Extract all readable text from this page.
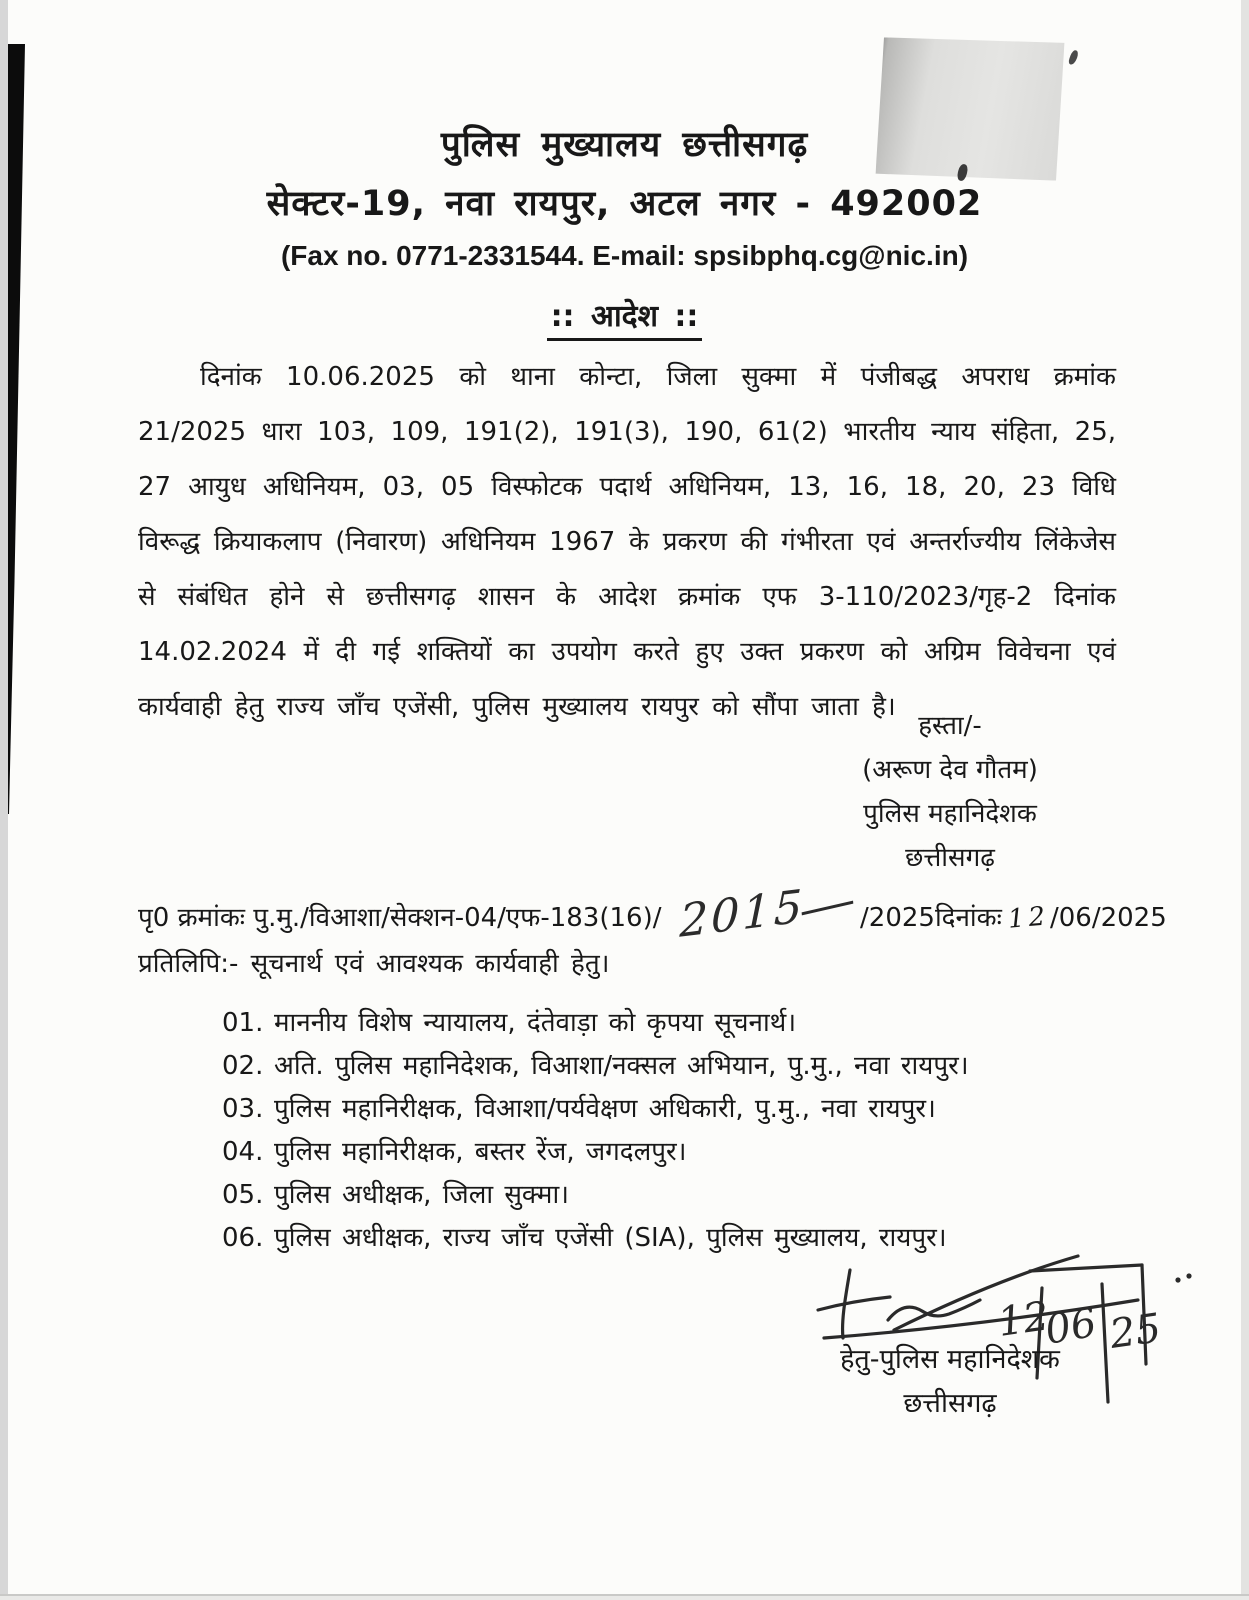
पुलिस मुख्यालय छत्तीसगढ़
सेक्टर-19, नवा रायपुर, अटल नगर - 492002
(Fax no. 0771-2331544. E-mail: spsibphq.cg@nic.in)
:: आदेश ::
दिनांक 10.06.2025 को थाना कोन्टा, जिला सुक्मा में पंजीबद्ध अपराध क्रमांक 21/2025 धारा 103, 109, 191(2), 191(3), 190, 61(2) भारतीय न्याय संहिता, 25, 27 आयुध अधिनियम, 03, 05 विस्फोटक पदार्थ अधिनियम, 13, 16, 18, 20, 23 विधि विरूद्ध क्रियाकलाप (निवारण) अधिनियम 1967 के प्रकरण की गंभीरता एवं अन्तर्राज्यीय लिंकेजेस से संबंधित होने से छत्तीसगढ़ शासन के आदेश क्रमांक एफ 3-110/2023/गृह-2 दिनांक 14.02.2024 में दी गई शक्तियों का उपयोग करते हुए उक्त प्रकरण को अग्रिम विवेचना एवं कार्यवाही हेतु राज्य जॉंच एजेंसी, पुलिस मुख्यालय रायपुर को सौंपा जाता है।
हस्ता/-
(अरूण देव गौतम)
पुलिस महानिदेशक
छत्तीसगढ़
पृ0 क्रमांकः पु.मु./विआशा/सेक्शन-04/एफ-183(16)/ 2015	/2025 दिनांकः 12 /06/2025
प्रतिलिपि:- सूचनार्थ एवं आवश्यक कार्यवाही हेतु।
01. माननीय विशेष न्यायालय, दंतेवाड़ा को कृपया सूचनार्थ।
02. अति. पुलिस महानिदेशक, विआशा/नक्सल अभियान, पु.मु., नवा रायपुर।
03. पुलिस महानिरीक्षक, विआशा/पर्यवेक्षण अधिकारी, पु.मु., नवा रायपुर।
04. पुलिस महानिरीक्षक, बस्तर रेंज, जगदलपुर।
05. पुलिस अधीक्षक, जिला सुक्मा।
06. पुलिस अधीक्षक, राज्य जॉंच एजेंसी (SIA), पुलिस मुख्यालय, रायपुर।
12
06 25
हेतु-पुलिस महानिदेशक
छत्तीसगढ़
